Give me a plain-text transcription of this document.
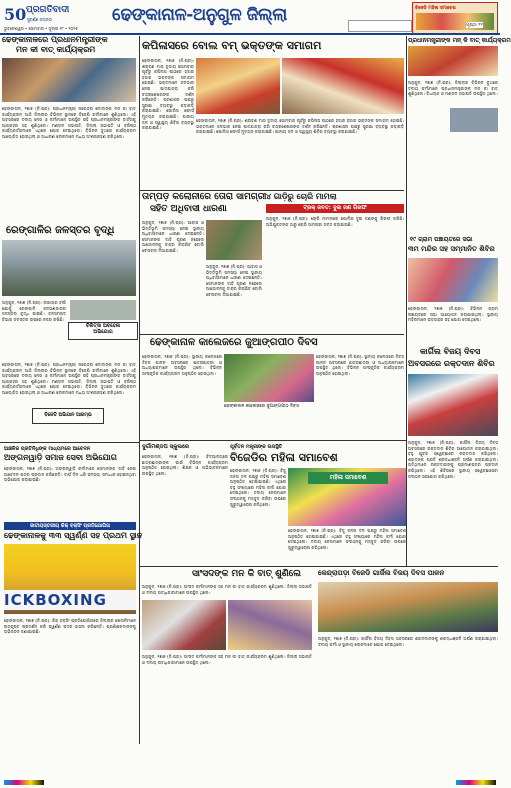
50 ପ୍ରଗତିବାଦୀ
ସୁବର୍ଣ୍ଣ ଜୟନ୍ତୀ
ଭୁବନେଶ୍ୱର • ସୋମବାର • ଜୁଲାଇ ୨୮ • ୨୦୨୫
ଢେଙ୍କାନାଳ-ଅନୁଗୁଳ ଜିଲ୍ଲା	ବିଜେଡି ମହିଳା ସମାବେଶ
ପୃଷ୍ଠା ୧୧
ଢେଙ୍କାନାଳରେ ପ୍ରଧାନମନ୍ତ୍ରୀଙ୍କ
ମନ କୀ ବାତ୍ କାର୍ଯ୍ୟକ୍ରମ
ଢେଙ୍କାନାଳ, ୨୭ା୭ (ନି.ପ୍ର): ପ୍ରଧାନମନ୍ତ୍ରୀ ନରେନ୍ଦ୍ର ମୋଦୀଙ୍କ ମନ କୀ ବାତ୍ କାର୍ଯ୍ୟକ୍ରମ ଆଜି ଜିଲ୍ଲାର ବିଭିନ୍ନ ସ୍ଥାନରେ ବିଜେପି କର୍ମୀମାନେ ଶୁଣିଥିଲେ। ଏହି ଅବସରରେ ଦଳୀୟ ନେତା ଓ କର୍ମୀମାନେ ଉପସ୍ଥିତ ରହି ପ୍ରଧାନମନ୍ତ୍ରୀଙ୍କ ବାର୍ତ୍ତାକୁ ଆଗ୍ରହର ସହ ଶୁଣିଥିଲେ। ମଣ୍ଡଳ ସଭାପତି, ଜିଲ୍ଲା ସଭାପତି ଓ ବରିଷ୍ଠ କାର୍ଯ୍ୟକର୍ତ୍ତାମାନେ ଏଥିରେ ଯୋଗ ଦେଇଥିଲେ। ବିଭିନ୍ନ ବୁଥରେ କାର୍ଯ୍ୟକ୍ରମ ଆୟୋଜିତ ହୋଇଥିଲା ଓ ସାଧାରଣ ଲୋକମାନେ ମଧ୍ୟ ଅଂଶଗ୍ରହଣ କରିଥିଲେ।
ରେଙ୍ଗାଳିର ଜଳସ୍ତର ବୃଦ୍ଧି
ଅନୁଗୁଳ, ୨୭ା୭ (ନି.ପ୍ର): ଲଗାତାର ବର୍ଷା ଯୋଗୁଁ ରେଙ୍ଗାଳି ଜଳଭଣ୍ଡାରର ଜଳସ୍ତର ବୃଦ୍ଧି ପାଇଛି। ଜଳସମ୍ପଦ ବିଭାଗ ଜଳସ୍ତର ଉପରେ ନଜର ରଖିଛି।
ଚିକିତ୍ସା ଅବହେଳା
ଅଭିଯୋଗ
ଢେଙ୍କାନାଳ, ୨୭ା୭ (ନି.ପ୍ର): ପ୍ରଧାନମନ୍ତ୍ରୀ ନରେନ୍ଦ୍ର ମୋଦୀଙ୍କ ମନ କୀ ବାତ୍ କାର୍ଯ୍ୟକ୍ରମ ଆଜି ଜିଲ୍ଲାର ବିଭିନ୍ନ ସ୍ଥାନରେ ବିଜେପି କର୍ମୀମାନେ ଶୁଣିଥିଲେ। ଏହି ଅବସରରେ ଦଳୀୟ ନେତା ଓ କର୍ମୀମାନେ ଉପସ୍ଥିତ ରହି ପ୍ରଧାନମନ୍ତ୍ରୀଙ୍କ ବାର୍ତ୍ତାକୁ ଆଗ୍ରହର ସହ ଶୁଣିଥିଲେ। ମଣ୍ଡଳ ସଭାପତି, ଜିଲ୍ଲା ସଭାପତି ଓ ବରିଷ୍ଠ କାର୍ଯ୍ୟକର୍ତ୍ତାମାନେ ଏଥିରେ ଯୋଗ ଦେଇଥିଲେ। ବିଭିନ୍ନ ବୁଥରେ କାର୍ଯ୍ୟକ୍ରମ ଆୟୋଜିତ ହୋଇଥିଲା ଓ ସାଧାରଣ ଲୋକମାନେ ମଧ୍ୟ ଅଂଶଗ୍ରହଣ କରିଥିଲେ।
କପିଳାସରେ ବୋଲ ବମ୍ ଭକ୍ତଙ୍କ ସମାଗମ
ଢେଙ୍କାନାଳ, ୨୭ା୭ (ନି.ପ୍ର): ଶ୍ରାବଣ ମାସ ତୃତୀୟ ସୋମବାର ପୂର୍ବରୁ କପିଳାସ ପୀଠରେ ହଜାର ହଜାର ଭକ୍ତଙ୍କ ସମାଗମ ହୋଇଛି। ଭକ୍ତମାନେ ଜଳଭାର ନେଇ ପାଦଯାତ୍ରା କରି ଚନ୍ଦ୍ରଶେଖରଙ୍କ ଦର୍ଶନ କରିଛନ୍ତି। ପ୍ରଶାସନ ପକ୍ଷରୁ ସୁରକ୍ଷା ବ୍ୟବସ୍ଥା କଡ଼ାକଡ଼ି କରାଯାଇଛି। ପୋଲିସ ଫୋର୍ସ ମୁତୟନ କରାଯାଇଛି। ପାନୀୟ ଜଳ ଓ ସ୍ୱାସ୍ଥ୍ୟ ଶିବିର ବ୍ୟବସ୍ଥା କରାଯାଇଛି।
ଢେଙ୍କାନାଳ, ୨୭ା୭ (ନି.ପ୍ର): ଶ୍ରାବଣ ମାସ ତୃତୀୟ ସୋମବାର ପୂର୍ବରୁ କପିଳାସ ପୀଠରେ ହଜାର ହଜାର ଭକ୍ତଙ୍କ ସମାଗମ ହୋଇଛି। ଭକ୍ତମାନେ ଜଳଭାର ନେଇ ପାଦଯାତ୍ରା କରି ଚନ୍ଦ୍ରଶେଖରଙ୍କ ଦର୍ଶନ କରିଛନ୍ତି। ପ୍ରଶାସନ ପକ୍ଷରୁ ସୁରକ୍ଷା ବ୍ୟବସ୍ଥା କଡ଼ାକଡ଼ି କରାଯାଇଛି। ପୋଲିସ ଫୋର୍ସ ମୁତୟନ କରାଯାଇଛି। ପାନୀୟ ଜଳ ଓ ସ୍ୱାସ୍ଥ୍ୟ ଶିବିର ବ୍ୟବସ୍ଥା କରାଯାଇଛି।
ତାମ୍ପଡ଼ କଲୋନୀରେ ତୋରା ସାମଗ୍ରୀ
ସହିତ ଅଧିବାସୀ ଧାରଣା
ଅନୁଗୁଳ, ୨୭ା୭ (ନି.ପ୍ର): ଆବାସ ଓ ଭିତ୍ତିଭୂମି ସମସ୍ୟା ନେଇ ସ୍ଥାନୀୟ ଅଧିବାସୀମାନେ ଧାରଣା ଦେଇଛନ୍ତି। ସେମାନଙ୍କ ଦାବି ପୂରଣ ନହେଲେ ଆନ୍ଦୋଳନକୁ ତୀବ୍ର କରାଯିବ ବୋଲି ଚେତାବନୀ ଦିଆଯାଇଛି।
ଅନୁଗୁଳ, ୨୭ା୭ (ନି.ପ୍ର): ଆବାସ ଓ ଭିତ୍ତିଭୂମି ସମସ୍ୟା ନେଇ ସ୍ଥାନୀୟ ଅଧିବାସୀମାନେ ଧାରଣା ଦେଇଛନ୍ତି। ସେମାନଙ୍କ ଦାବି ପୂରଣ ନହେଲେ ଆନ୍ଦୋଳନକୁ ତୀବ୍ର କରାଯିବ ବୋଲି ଚେତାବନୀ ଦିଆଯାଇଛି।
୪ ଗାଡ଼ିରୁ ଚୋରି ମାମଲା
ଟ୍ରକ୍ ଜବତ: ଦୁଇ ଜଣ ଗିରଫ
ଅନୁଗୁଳ, ୨୭ା୭ (ନି.ପ୍ର): ଚୋରି ମାମଲାରେ ପୋଲିସ ଦୁଇ ଜଣଙ୍କୁ ଗିରଫ କରିଛି। ଅଭିଯୁକ୍ତଙ୍କ ଠାରୁ ଚୋରି ସାମଗ୍ରୀ ଜବତ କରାଯାଇଛି।
ଢେଙ୍କାନାଳ କାଲେଜରେ ଜୁଆଙ୍ଗପୀଠ ଦିବସ
ଢେଙ୍କାନାଳ, ୨୭ା୭ (ନି.ପ୍ର): ସ୍ଥାନୀୟ କଲେଜରେ ଦିବସ ପାଳନ ଅବସରରେ ଛାତ୍ରଛାତ୍ରୀ ଓ ଅଧ୍ୟାପକମାନେ ଉପସ୍ଥିତ ଥିଲେ। ବିଭିନ୍ନ ସାଂସ୍କୃତିକ କାର୍ଯ୍ୟକ୍ରମ ଅନୁଷ୍ଠିତ ହୋଇଥିଲା।
ଢେଙ୍କାନାଳ କାଲେଜରେ ଜୁଆଙ୍ଗପୀଠ ଦିବସ
ଢେଙ୍କାନାଳ, ୨୭ା୭ (ନି.ପ୍ର): ସ୍ଥାନୀୟ କଲେଜରେ ଦିବସ ପାଳନ ଅବସରରେ ଛାତ୍ରଛାତ୍ରୀ ଓ ଅଧ୍ୟାପକମାନେ ଉପସ୍ଥିତ ଥିଲେ। ବିଭିନ୍ନ ସାଂସ୍କୃତିକ କାର୍ଯ୍ୟକ୍ରମ ଅନୁଷ୍ଠିତ ହୋଇଥିଲା।
ପ୍ରଧାନମନ୍ତ୍ରୀଙ୍କ ମନ୍ କି ବାତ୍ କାର୍ଯ୍ୟକ୍ରମ
ଅନୁଗୁଳ, ୨୭ା୭ (ନି.ପ୍ର): ଜିଲ୍ଲାର ବିଭିନ୍ନ ବୁଥରେ ଦଳୀୟ କର୍ମୀମାନେ ପ୍ରଧାନମନ୍ତ୍ରୀଙ୍କ ମନ କୀ ବାତ୍ ଶୁଣିଥିଲେ। ବିଧାୟକ ଓ ମଣ୍ଡଳ ସଭାପତି ଉପସ୍ଥିତ ଥିଲେ।
୧୯ ଗ୍ରାମ ପଞ୍ଚାୟତରେ ସଭା
୩ମ ମନ୍ଦିର ସହ ସମ୍ମାନିତ ଶିବିର
ଢେଙ୍କାନାଳ, ୨୭ା୭ (ନି.ପ୍ର): ବିଭିନ୍ନ ଗ୍ରାମ ପଞ୍ଚାୟତରେ ସଭା ଆୟୋଜନ କରାଯାଇଥିଲା। ସ୍ଥାନୀୟ ମହିଳାମାନେ ଉତ୍ସାହର ସହ ଯୋଗ ଦେଇଥିଲେ।
କାର୍ଗିଲ ବିଜୟ ଦିବସ
ଅବସରରେ ରକ୍ତଦାନ ଶିବିର
ଅନୁଗୁଳ, ୨୭ା୭ (ନି.ପ୍ର): କାର୍ଗିଲ ବିଜୟ ଦିବସ ଅବସରରେ ରକ୍ତଦାନ ଶିବିର ଆୟୋଜନ କରାଯାଇଥିଲା। ବହୁ ଯୁବକ ସ୍ୱେଚ୍ଛାରେ ରକ୍ତଦାନ କରିଥିଲେ। ଶହୀଦଙ୍କ ପ୍ରତି ଶ୍ରଦ୍ଧାଞ୍ଜଳି ଅର୍ପଣ କରାଯାଇଥିଲା। ଅତିଥିମାନେ ରକ୍ତଦାତାଙ୍କୁ ପ୍ରମାଣପତ୍ର ପ୍ରଦାନ କରିଥିଲେ। ଏହି ଶିବିରରେ ସ୍ଥାନୀୟ ସ୍ୱେଚ୍ଛାସେବୀ ସଂଗଠନ ସହଯୋଗ କରିଥିଲେ।
ଆଞ୍ଚଳିକ ପ୍ରତିନିଧିଙ୍କ ମାଧ୍ୟମରେ ଆବେଦନ
ଅଙ୍ଗନୱାଡ଼ି ସମାଜ ସେବା ଅଭିଯୋଗ
ଢେଙ୍କାନାଳ, ୨୭ା୭ (ନି.ପ୍ର): ଅଙ୍ଗନୱାଡ଼ି କର୍ମୀମାନେ ସେମାନଙ୍କ ଦାବି ନେଇ ଆବେଦନ ପତ୍ର ପ୍ରଦାନ କରିଛନ୍ତି। ଦୀର୍ଘ ଦିନ ଧରି ସମସ୍ୟା ସମାଧାନ ହୋଇନଥିବା ଅଭିଯୋଗ କରାଯାଇଛି।
ଜାତୀୟସ୍ତରୀୟ କିକ୍ ବକ୍ସିଂ ପ୍ରତିଯୋଗିତା
ଢେଙ୍କାନାଳକୁ ୩୩ ସ୍ୱର୍ଣ୍ଣ ସହ ପ୍ରଥମ ସ୍ଥାନ
ICKBOXING
ଢେଙ୍କାନାଳ, ୨୭ା୭ (ନି.ପ୍ର): କିକ୍ ବକ୍ସିଂ ପ୍ରତିଯୋଗିତାରେ ଜିଲ୍ଲାର ଖେଳାଳିମାନେ ଉତ୍କୃଷ୍ଟ ପ୍ରଦର୍ଶନ କରି ସ୍ୱର୍ଣ୍ଣ ପଦକ ହାସଲ କରିଛନ୍ତି। ପ୍ରଶିକ୍ଷକମାନଙ୍କୁ ଅଭିନନ୍ଦନ ଜଣାଯାଇଛି।
ଦୁର୍ଗାମଣ୍ଡପ ସ୍କୁଲରେ
ଢେଙ୍କାନାଳ, ୨୭ା୭ (ନି.ପ୍ର): ବିଦ୍ୟାଳୟରେ ଛାତ୍ରଛାତ୍ରୀଙ୍କ ପାଇଁ ବିଭିନ୍ନ କାର୍ଯ୍ୟକ୍ରମ ଅନୁଷ୍ଠିତ ହୋଇଥିଲା। ଶିକ୍ଷକ ଓ ଅଭିଭାବକମାନେ ଉପସ୍ଥିତ ଥିଲେ।
ପୂର୍ବତନ ମନ୍ତ୍ରୀଙ୍କ ଉପସ୍ଥିତି
ବିଜେଡିର ମହିଳା ସମାବେଶ
ଢେଙ୍କାନାଳ, ୨୭ା୭ (ନି.ପ୍ର): ବିଜୁ ଜନତା ଦଳ ପକ୍ଷରୁ ମହିଳା ସମାବେଶ ଅନୁଷ୍ଠିତ ହୋଇଯାଇଛି। ଏଥିରେ ବହୁ ସଂଖ୍ୟାରେ ମହିଳା କର୍ମୀ ଯୋଗ ଦେଇଥିଲେ। ଦଳୀୟ ନେତାମାନେ ସଂଗଠନକୁ ମଜବୁତ କରିବା ଉପରେ ଗୁରୁତ୍ୱାରୋପ କରିଥିଲେ।
ମହିଳା ସମାବେଶ
ଢେଙ୍କାନାଳ, ୨୭ା୭ (ନି.ପ୍ର): ବିଜୁ ଜନତା ଦଳ ପକ୍ଷରୁ ମହିଳା ସମାବେଶ ଅନୁଷ୍ଠିତ ହୋଇଯାଇଛି। ଏଥିରେ ବହୁ ସଂଖ୍ୟାରେ ମହିଳା କର୍ମୀ ଯୋଗ ଦେଇଥିଲେ। ଦଳୀୟ ନେତାମାନେ ସଂଗଠନକୁ ମଜବୁତ କରିବା ଉପରେ ଗୁରୁତ୍ୱାରୋପ କରିଥିଲେ।
ସାଂସଦଙ୍କ ମନ କି ବାତ୍ ଶୁଣିଲେ
ଅନୁଗୁଳ, ୨୭ା୭ (ନି.ପ୍ର): ସାଂସଦ କର୍ମୀମାନଙ୍କ ସହ ମନ କୀ ବାତ୍ କାର୍ଯ୍ୟକ୍ରମ ଶୁଣିଥିଲେ। ଜିଲ୍ଲା ସଭାପତି ଓ ଦଳୀୟ ପଦାଧିକାରୀମାନେ ଉପସ୍ଥିତ ଥିଲେ।
ଅନୁଗୁଳ, ୨୭ା୭ (ନି.ପ୍ର): ସାଂସଦ କର୍ମୀମାନଙ୍କ ସହ ମନ କୀ ବାତ୍ କାର୍ଯ୍ୟକ୍ରମ ଶୁଣିଥିଲେ। ଜିଲ୍ଲା ସଭାପତି ଓ ଦଳୀୟ ପଦାଧିକାରୀମାନେ ଉପସ୍ଥିତ ଥିଲେ।
କେନ୍ଦ୍ରାପଡ଼ା ବିଜେଡି ଗାର୍ଜିଲ ବିଜୟ ଦିବସ ପାଳନ
ଅନୁଗୁଳ, ୨୭ା୭ (ନି.ପ୍ର): କାର୍ଗିଲ ବିଜୟ ଦିବସ ଅବସରରେ ଶହୀଦମାନଙ୍କୁ ଶ୍ରଦ୍ଧାଞ୍ଜଳି ଅର୍ପଣ କରାଯାଇଥିଲା। ଦଳୀୟ କର୍ମୀ ଓ ସ୍ଥାନୀୟ ଲୋକମାନେ ଯୋଗ ଦେଇଥିଲେ।
ବିଜେଡି ଅଭିଯାନ ଆରମ୍ଭ
